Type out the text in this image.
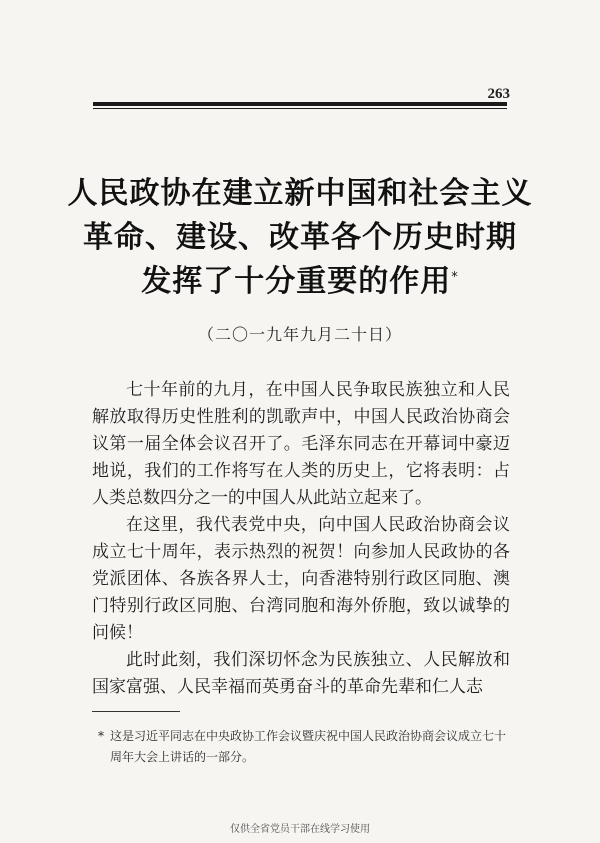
263
人民政协在建立新中国和社会主义
革命、建设、改革各个历史时期
发挥了十分重要的作用*
（二〇一九年九月二十日）

七十年前的九月，在中国人民争取民族独立和人民解放取得历史性胜利的凯歌声中，中国人民政治协商会议第一届全体会议召开了。毛泽东同志在开幕词中豪迈地说，我们的工作将写在人类的历史上，它将表明：占人类总数四分之一的中国人从此站立起来了。

在这里，我代表党中央，向中国人民政治协商会议成立七十周年，表示热烈的祝贺！向参加人民政协的各党派团体、各族各界人士，向香港特别行政区同胞、澳门特别行政区同胞、台湾同胞和海外侨胞，致以诚挚的问候！

此时此刻，我们深切怀念为民族独立、人民解放和国家富强、人民幸福而英勇奋斗的革命先辈和仁人志

* 这是习近平同志在中央政协工作会议暨庆祝中国人民政治协商会议成立七十周年大会上讲话的一部分。
仅供全省党员干部在线学习使用
